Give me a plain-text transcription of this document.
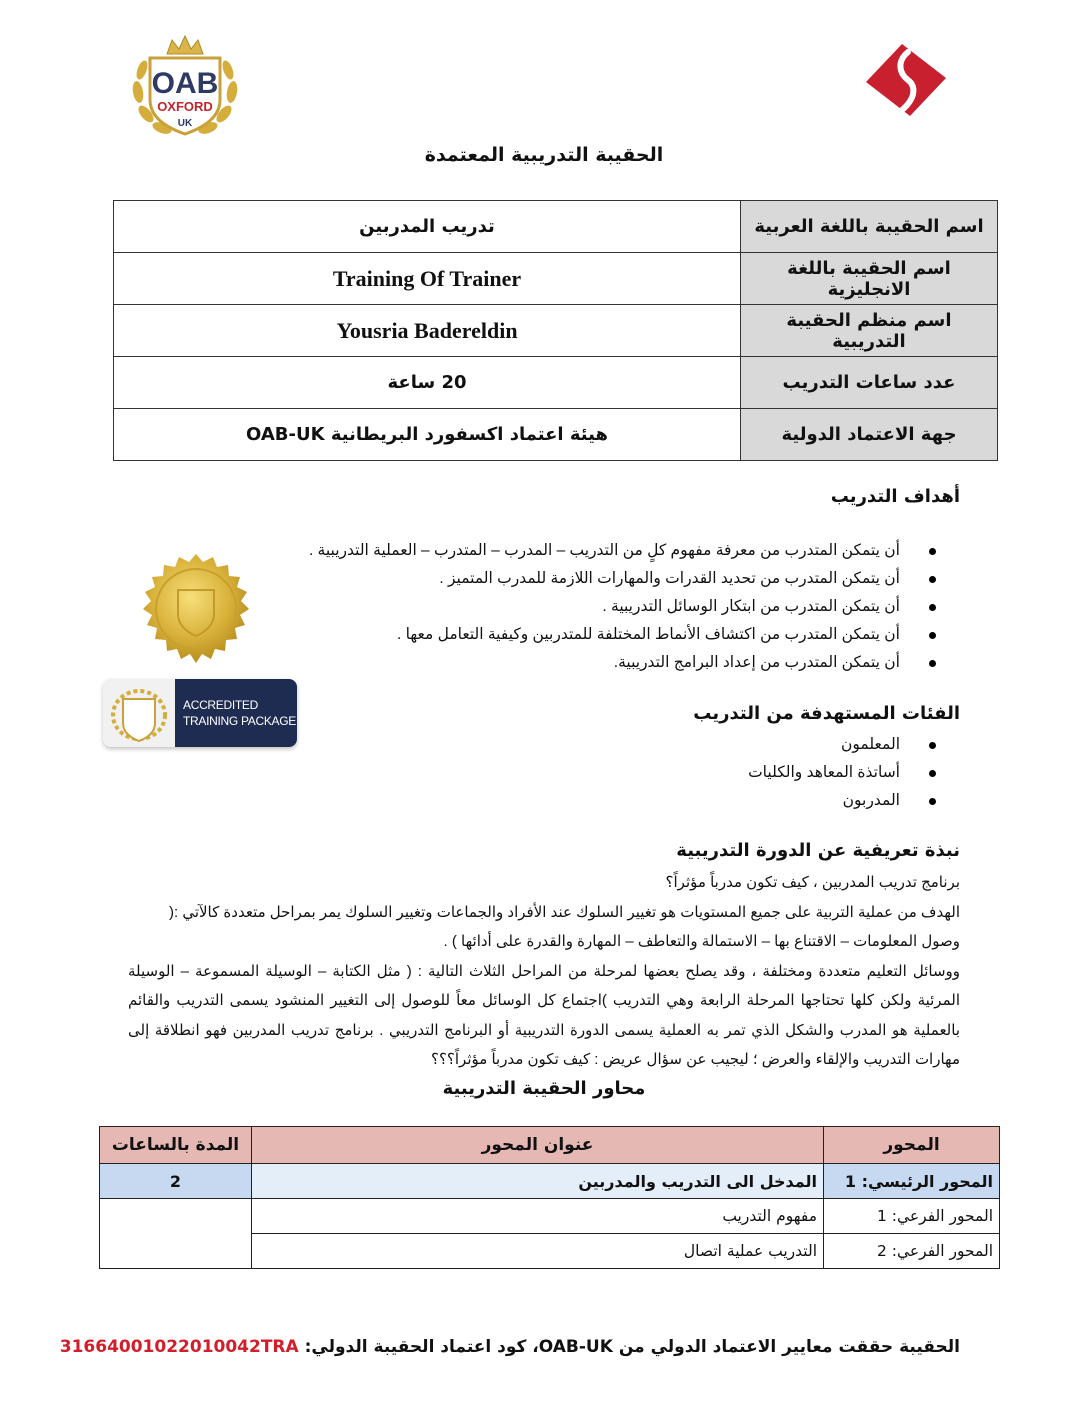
OAB
OXFORD
UK
الحقيبة التدريبية المعتمدة
اسم الحقيبة باللغة العربية	تدريب المدربين
اسم الحقيبة باللغة الانجليزية	Training Of Trainer
اسم منظم الحقيبة التدريبية	Yousria Badereldin
عدد ساعات التدريب	20 ساعة
جهة الاعتماد الدولية	هيئة اعتماد اكسفورد البريطانية OAB-UK
أهداف التدريب
أن يتمكن المتدرب من معرفة مفهوم كلٍ من التدريب – المدرب – المتدرب – العملية التدريبية .
أن يتمكن المتدرب من تحديد القدرات والمهارات اللازمة للمدرب المتميز .
أن يتمكن المتدرب من ابتكار الوسائل التدريبية .
أن يتمكن المتدرب من اكتشاف الأنماط المختلفة للمتدربين وكيفية التعامل معها .
أن يتمكن المتدرب من إعداد البرامج التدريبية.
ACCREDITED
TRAINING PACKAGE	الفئات المستهدفة من التدريب
المعلمون
أساتذة المعاهد والكليات
المدربون
نبذة تعريفية عن الدورة التدريبية

برنامج تدريب المدربين ، كيف تكون مدرباً مؤثراً؟

الهدف من عملية التربية على جميع المستويات هو تغيير السلوك عند الأفراد والجماعات وتغيير السلوك يمر بمراحل متعددة كالآتي :(

وصول المعلومات – الاقتناع بها – الاستمالة والتعاطف – المهارة والقدرة على أدائها ) .

ووسائل التعليم متعددة ومختلفة ، وقد يصلح بعضها لمرحلة من المراحل الثلاث التالية : ( مثل الكتابة – الوسيلة المسموعة – الوسيلة المرئية ولكن كلها تحتاجها المرحلة الرابعة وهي التدريب )اجتماع كل الوسائل معاً للوصول إلى التغيير المنشود يسمى التدريب والقائم بالعملية هو المدرب والشكل الذي تمر به العملية يسمى الدورة التدريبية أو البرنامج التدريبي . برنامج تدريب المدربين فهو انطلاقة إلى مهارات التدريب والإلقاء والعرض ؛ ليجيب عن سؤال عريض : كيف تكون مدرباً مؤثراً؟؟؟

محاور الحقيبة التدريبية
المحور	عنوان المحور	المدة بالساعات
المحور الرئيسي: 1	المدخل الى التدريب والمدربين	2
المحور الفرعي: 1	مفهوم التدريب	
المحور الفرعي: 2	التدريب عملية اتصال	
الحقيبة حققت معايير الاعتماد الدولي من OAB-UK، كود اعتماد الحقيبة الدولي: 31664001022010042TRA
